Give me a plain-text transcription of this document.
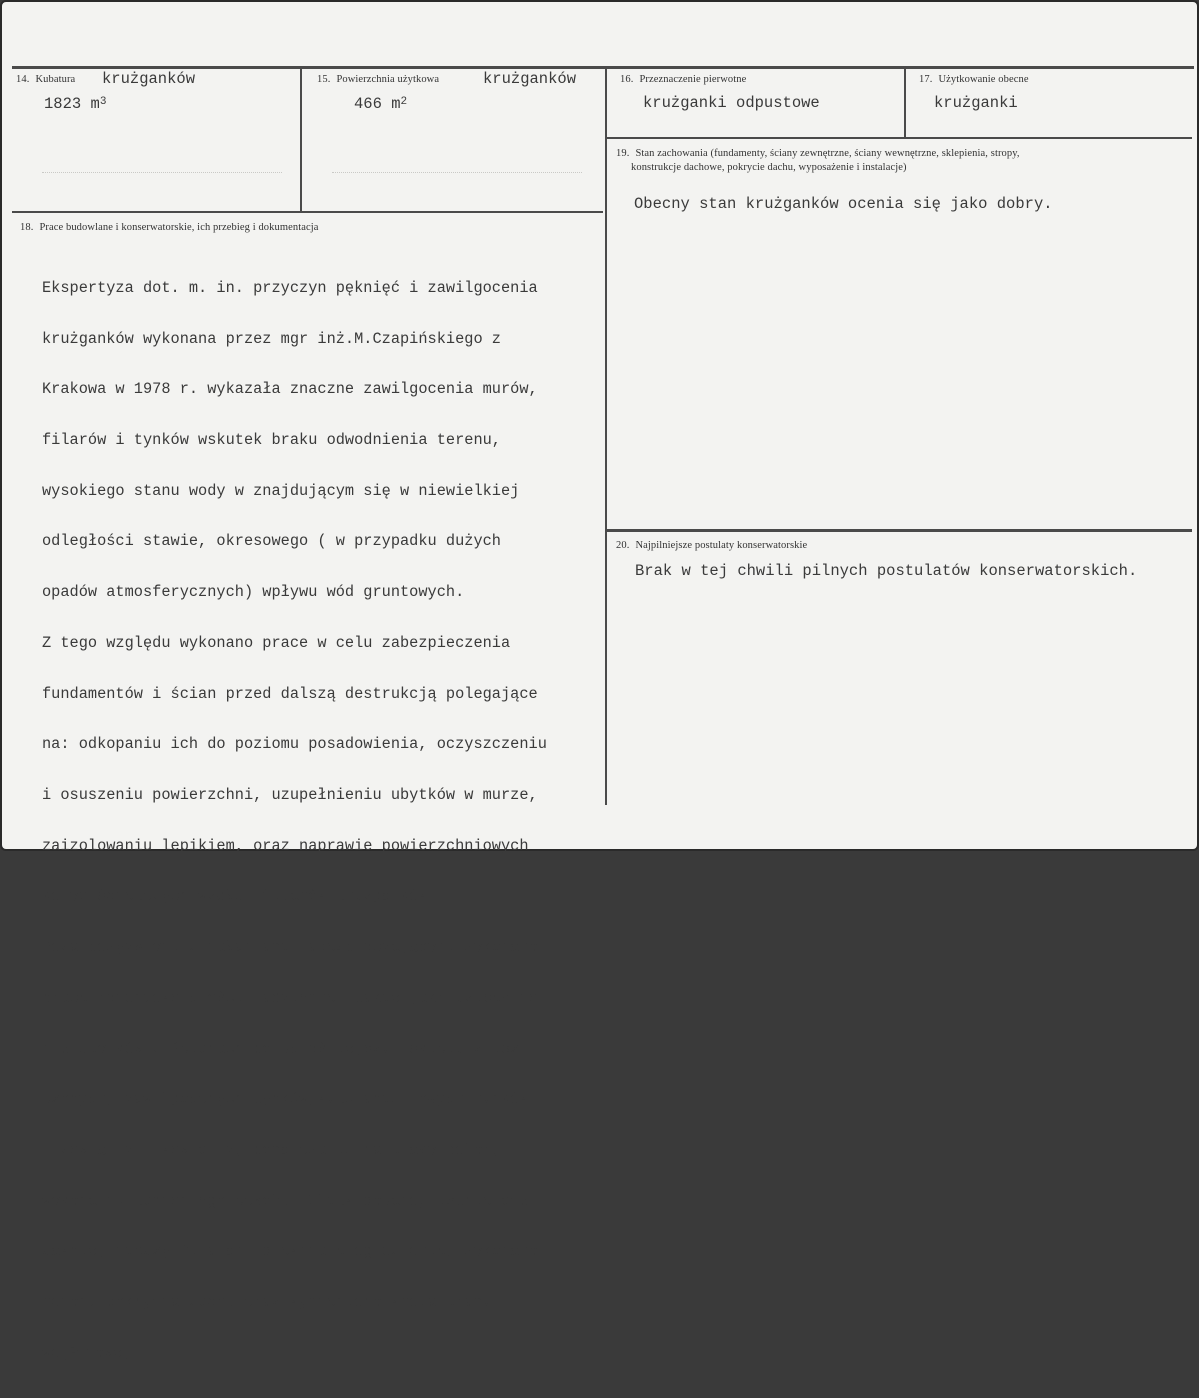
14. Kubatura krużganków
1823 $m^3$
15. Powierzchnia użytkowa	krużganków
466 $m^2$
16. Przeznaczenie pierwotne
krużganki odpustowe
17. Użytkowanie obecne
krużganki
18. Prace budowlane i konserwatorskie, ich przebieg i dokumentacja

Ekspertyza dot. m. in. przyczyn pęknięć i zawilgocenia

krużganków wykonana przez mgr inż.M.Czapińskiego z

Krakowa w 1978 r. wykazała znaczne zawilgocenia murów,

filarów i tynków wskutek braku odwodnienia terenu,

wysokiego stanu wody w znajdującym się w niewielkiej

odległości stawie, okresowego ( w przypadku dużych

opadów atmosferycznych) wpływu wód gruntowych.

Z tego względu wykonano prace w celu zabezpieczenia

fundamentów i ścian przed dalszą destrukcją polegające

na: odkopaniu ich do poziomu posadowienia, oczyszczeniu

i osuszeniu powierzchni, uzupełnieniu ubytków w murze,

zaizolowaniu lepikiem, oraz naprawie powierzchniowych

koryt ściekowych wzdłuż filarów krużganków .

Poza powyższymi działaniami zabezpieczającymi wykonano

prace remontowe części nadziemnej takie jak: uzupełnie-

nie ubytków w ścianach po wcześniejszym skuciu znisz-

czonych, zawilgoconych tynków,wykonaniu nowych tynków

z zewnątrz i wewnątrz, pomalowaniu na biały kolor,

wykonaniu kamiennego cokołu. Zlikwidowano, istniejące

dawniej między filarami drewniane ogrodzenie, wykonano

remont pokrycia dachu oraz wymieniono wrota bramy

wej$^s$ciowej.

19. Stan zachowania (fundamenty, ściany zewnętrzne, ściany wewnętrzne, sklepienia, stropy,
konstrukcje dachowe, pokrycie dachu, wyposażenie i instalacje)
Obecny stan krużganków ocenia się jako dobry.
20. Najpilniejsze postulaty konserwatorskie
Brak w tej chwili pilnych postulatów konserwatorskich.
